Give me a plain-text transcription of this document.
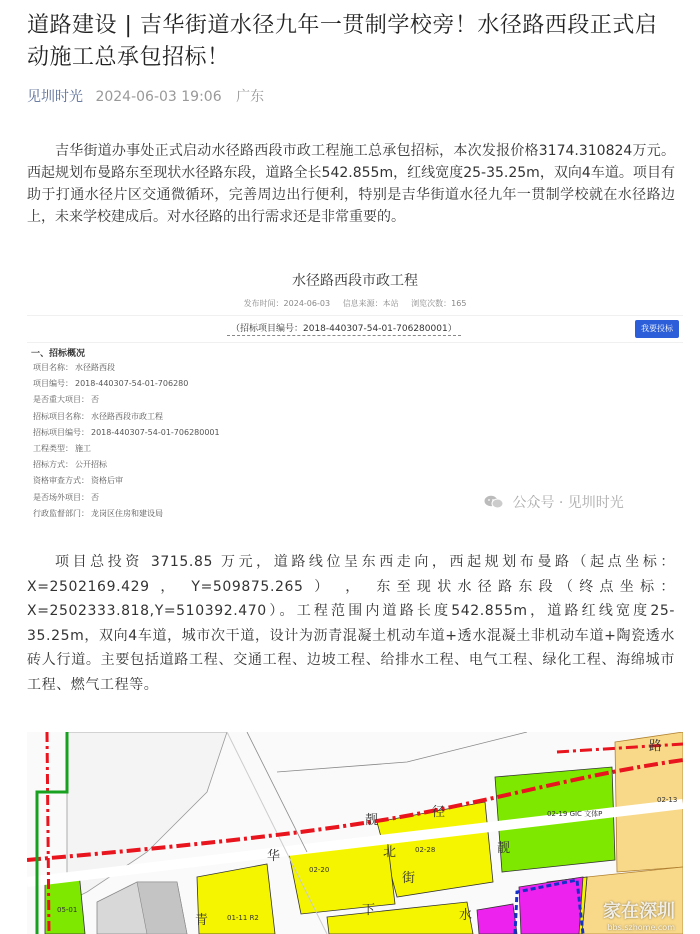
道路建设 | 吉华街道水径九年一贯制学校旁！水径路西段正式启动施工总承包招标！
见圳时光 2024-06-03 19:06 广东

吉华街道办事处正式启动水径路西段市政工程施工总承包招标，本次发报价格3174.310824万元。西起规划布曼路东至现状水径路东段，道路全长542.855m，红线宽度25-35.25m，双向4车道。项目有助于打通水径片区交通微循环，完善周边出行便利，特别是吉华街道水径九年一贯制学校就在水径路边上，未来学校建成后。对水径路的出行需求还是非常重要的。

水径路西段市政工程
发布时间：2024-06-03 信息来源：本站 浏览次数：165
（招标项目编号：2018-440307-54-01-706280001）	我要投标
一、招标概况
项目名称： 水径路西段
项目编号： 2018-440307-54-01-706280
是否重大项目： 否
招标项目名称： 水径路西段市政工程
招标项目编号： 2018-440307-54-01-706280001
工程类型： 施工
招标方式： 公开招标
资格审查方式： 资格后审
是否场外项目： 否
行政监督部门： 龙岗区住房和建设局
公众号 · 见圳时光

项目总投资 3715.85 万元，道路线位呈东西走向，西起规划布曼路（起点坐标：X=2502169.429 ， Y=509875.265 ） ， 东至现状水径路东段（终点坐标：X=2502333.818,Y=510392.470）。工程范围内道路长度542.855m，道路红线宽度25-35.25m，双向4车道，城市次干道，设计为沥青混凝土机动车道+透水混凝土非机动车道+陶瓷透水砖人行道。主要包括道路工程、交通工程、边坡工程、给排水工程、电气工程、绿化工程、海绵城市工程、燃气工程等。

02-19 GIC 文体P
02-13
02-28
02-20
01-11 R2
05-01	水
径
路
靓
北
街
华
青
下
靓
家在深圳
bbs.szhome.com
